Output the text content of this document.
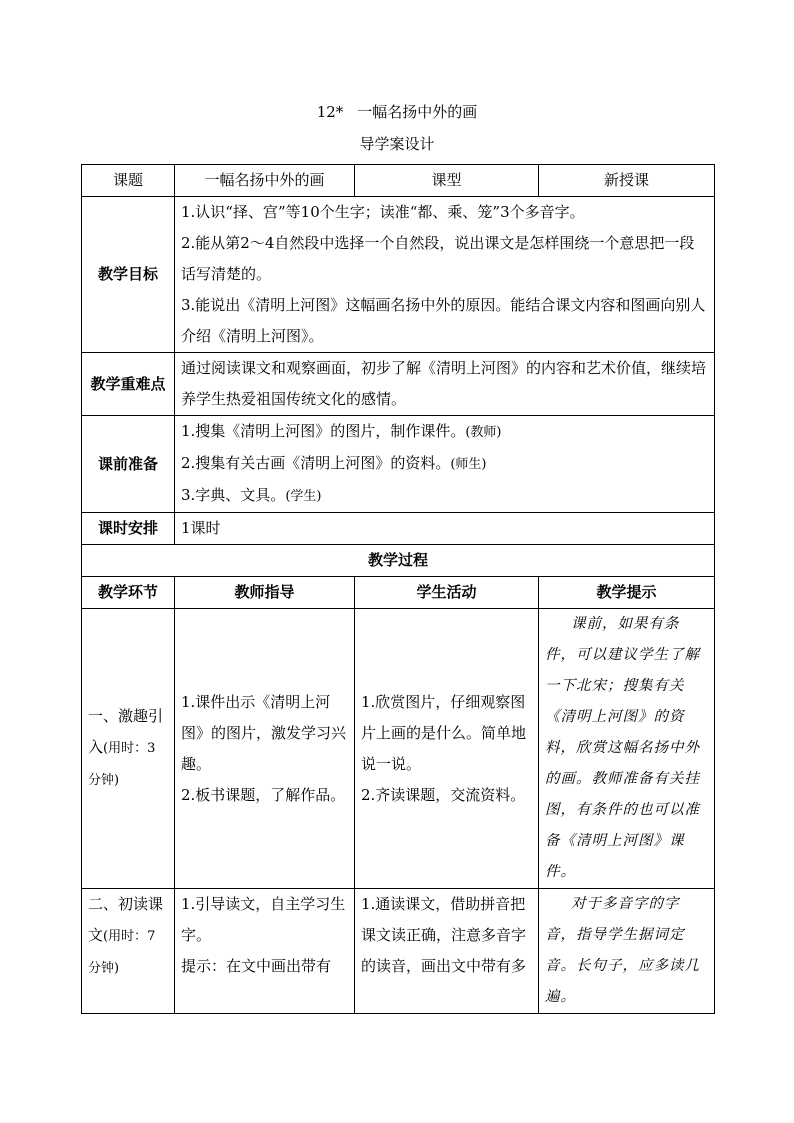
12* 一幅名扬中外的画
导学案设计
课题	一幅名扬中外的画	课型	新授课
教学目标	1.认识“择、宫”等10个生字；读准“都、乘、笼”3个多音字。
2.能从第2～4自然段中选择一个自然段，说出课文是怎样围绕一个意思把一段话写清楚的。
3.能说出《清明上河图》这幅画名扬中外的原因。能结合课文内容和图画向别人介绍《清明上河图》。		

教学重难点	通过阅读课文和观察画面，初步了解《清明上河图》的内容和艺术价值，继续培养学生热爱祖国传统文化的感情。		
课前准备	1.搜集《清明上河图》的图片，制作课件。(教师)
2.搜集有关古画《清明上河图》的资料。(师生)
3.字典、文具。(学生)		

课时安排	1课时		
教学过程			
教学环节	教师指导	学生活动	教学提示
一、激趣引入(用时：3分钟)	1.课件出示《清明上河图》的图片，激发学习兴趣。
2.板书课题，了解作品。	1.欣赏图片，仔细观察图片上画的是什么。简单地说一说。
2.齐读课题，交流资料。	课前，如果有条件，可以建议学生了解一下北宋；搜集有关《清明上河图》的资料，欣赏这幅名扬中外的画。教师准备有关挂图，有条件的也可以准备《清明上河图》课件。
二、初读课文(用时：7分钟)	1.引导读文，自主学习生字。
提示：在文中画出带有	1.通读课文，借助拼音把课文读正确，注意多音字的读音，画出文中带有多	对于多音字的字音，指导学生据词定音。长句子，应多读几遍。
